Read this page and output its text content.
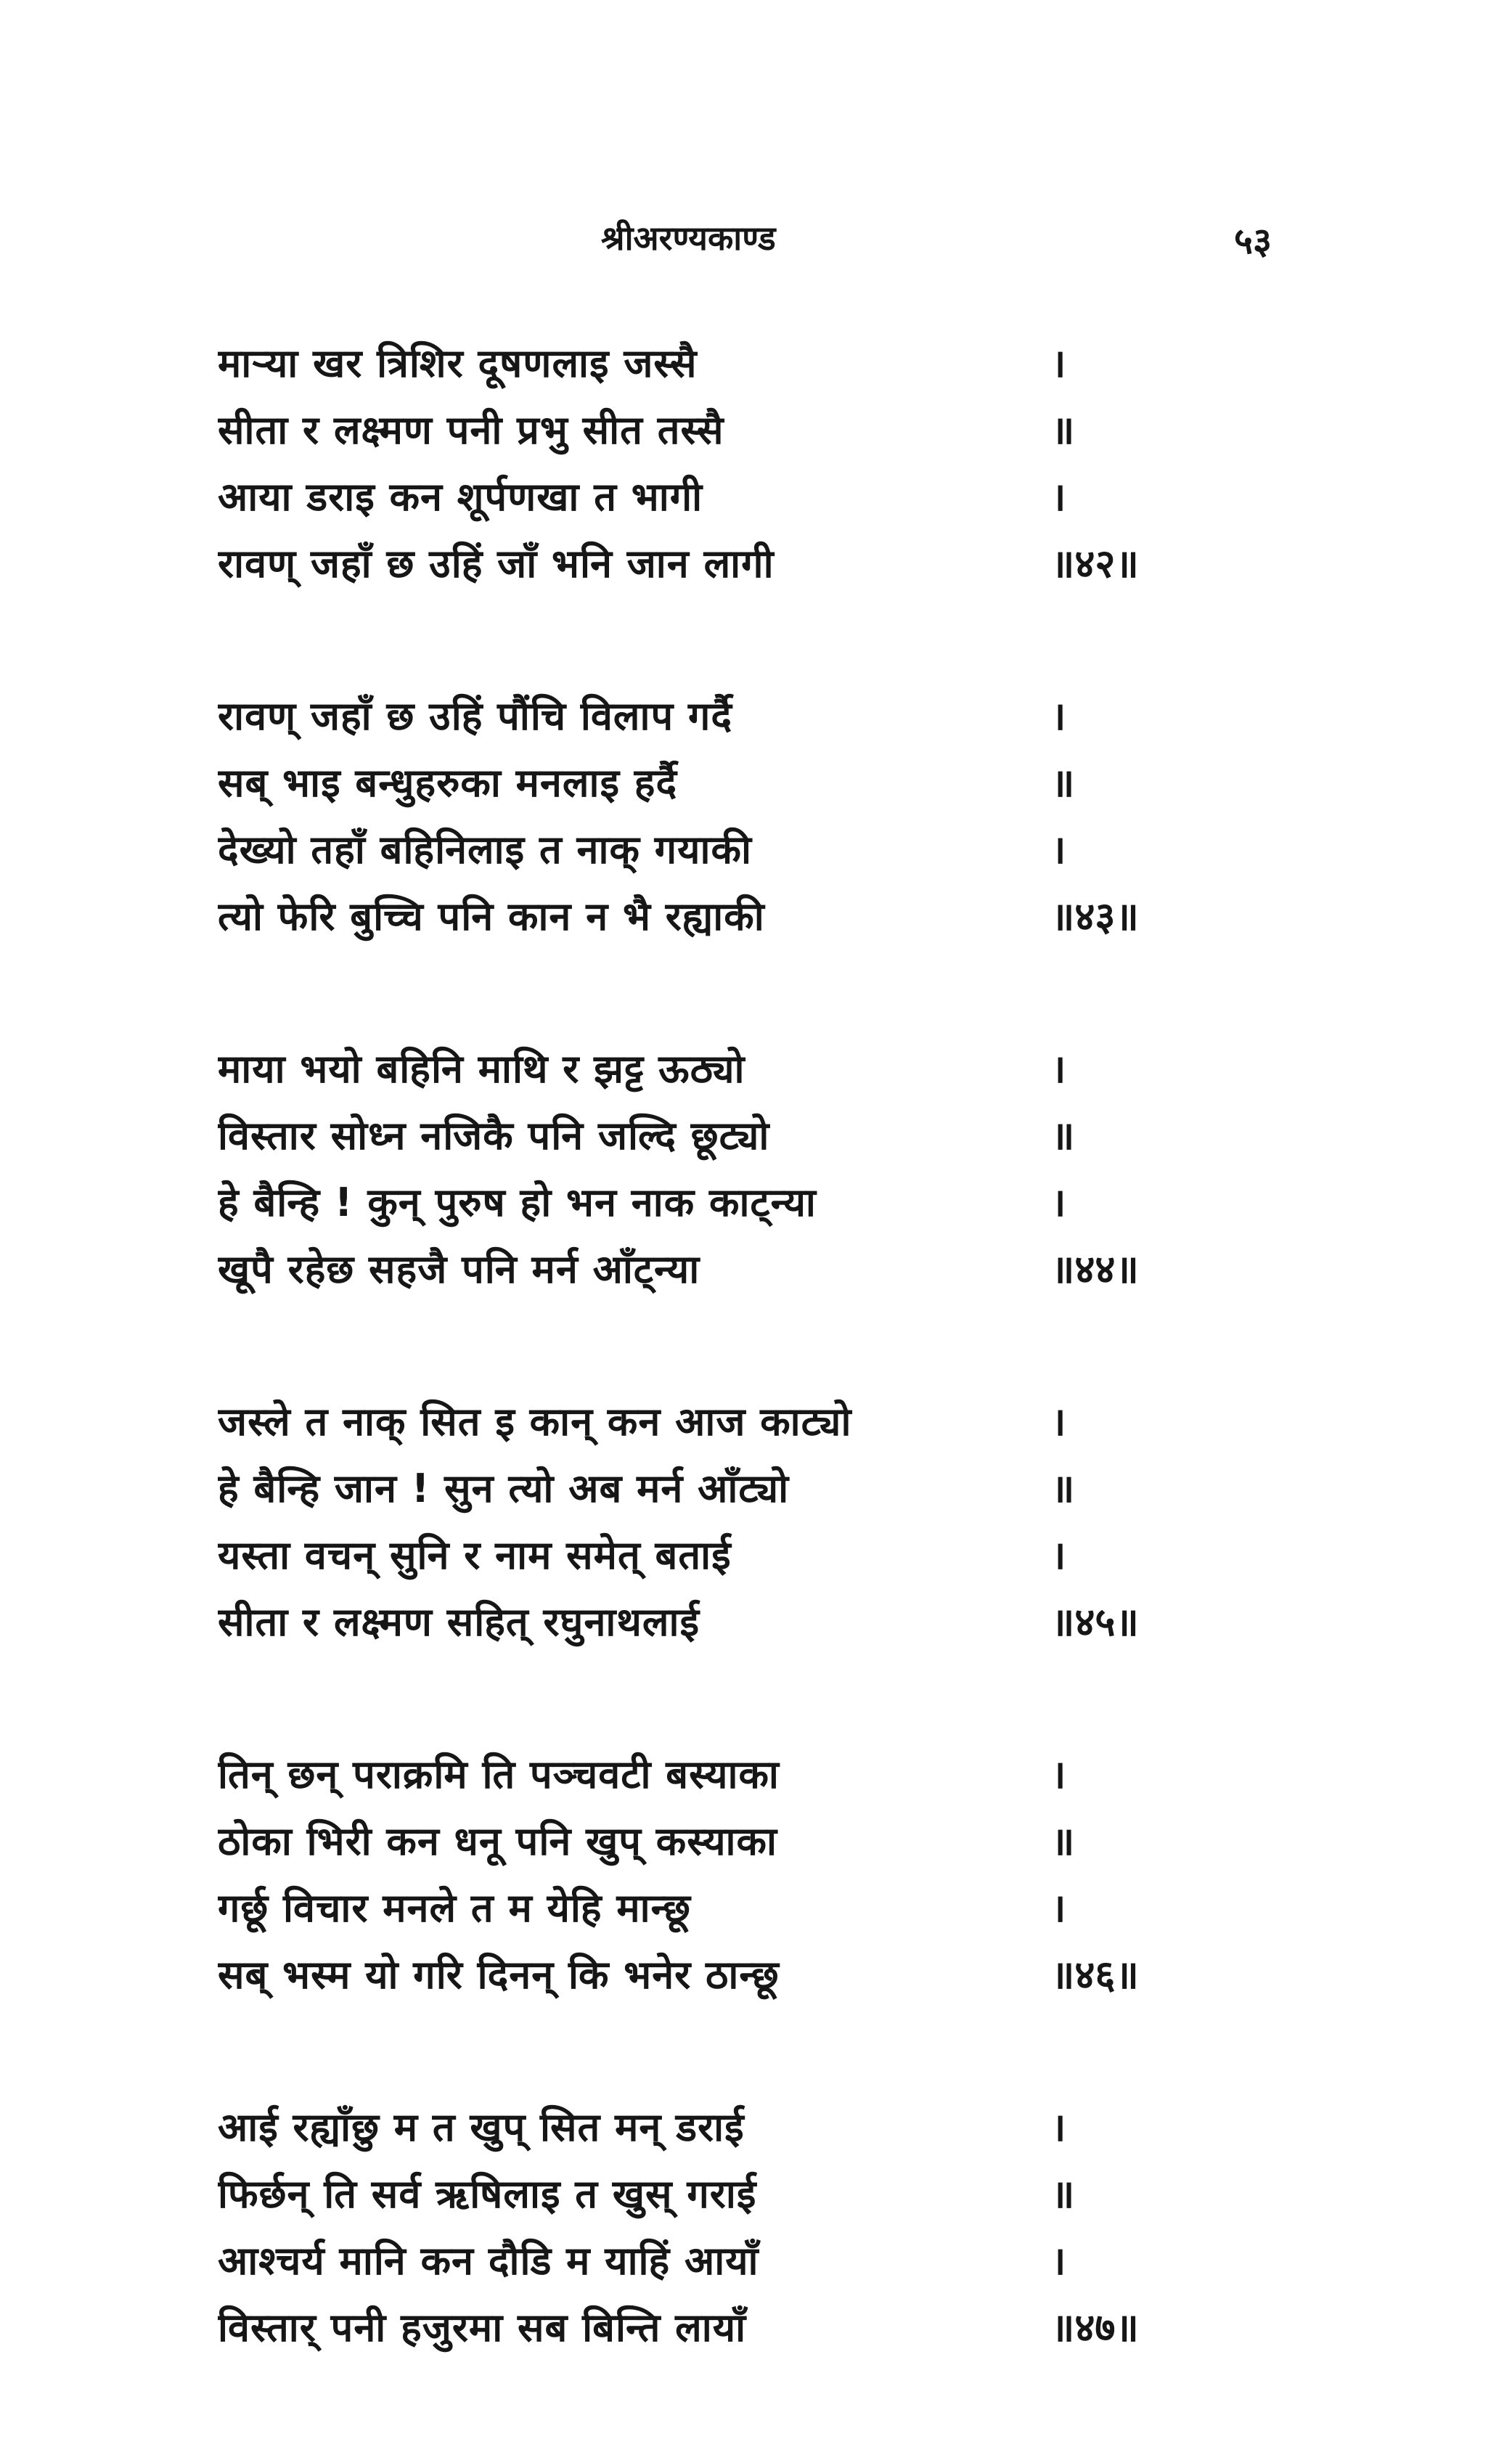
श्रीअरण्यकाण्ड	५३
माऱ्या खर त्रिशिर दूषणलाइ जस्सै	।
सीता र लक्ष्मण पनी प्रभु सीत तस्सै	॥
आया डराइ कन शूर्पणखा त भागी	।
रावण् जहाँ छ उहिं जाँ भनि जान लागी	॥४२॥
रावण् जहाँ छ उहिं पौंचि विलाप गर्दै	।
सब् भाइ बन्धुहरुका मनलाइ हर्दै	॥
देख्यो तहाँ बहिनिलाइ त नाक् गयाकी	।
त्यो फेरि बुच्चि पनि कान न भै रह्याकी	॥४३॥
माया भयो बहिनि माथि र झट्ट ऊठ्यो	।
विस्तार सोध्न नजिकै पनि जल्दि छूट्यो	॥
हे बैन्हि ! कुन् पुरुष हो भन नाक काट्न्या	।
खूपै रहेछ सहजै पनि मर्न आँट्न्या	॥४४॥
जस्ले त नाक् सित इ कान् कन आज काट्यो	।
हे बैन्हि जान ! सुन त्यो अब मर्न आँट्यो	॥
यस्ता वचन् सुनि र नाम समेत् बताई	।
सीता र लक्ष्मण सहित् रघुनाथलाई	॥४५॥
तिन् छन् पराक्रमि ति पञ्चवटी बस्याका	।
ठोका भिरी कन धनू पनि खुप् कस्याका	॥
गर्छू विचार मनले त म येहि मान्छू	।
सब् भस्म यो गरि दिनन् कि भनेर ठान्छू	॥४६॥
आई रह्याँछु म त खुप् सित मन् डराई	।
फिर्छन् ति सर्व ऋषिलाइ त खुस् गराई	॥
आश्चर्य मानि कन दौडि म याहिं आयाँ	।
विस्तार् पनी हजुरमा सब बिन्ति लायाँ	॥४७॥
